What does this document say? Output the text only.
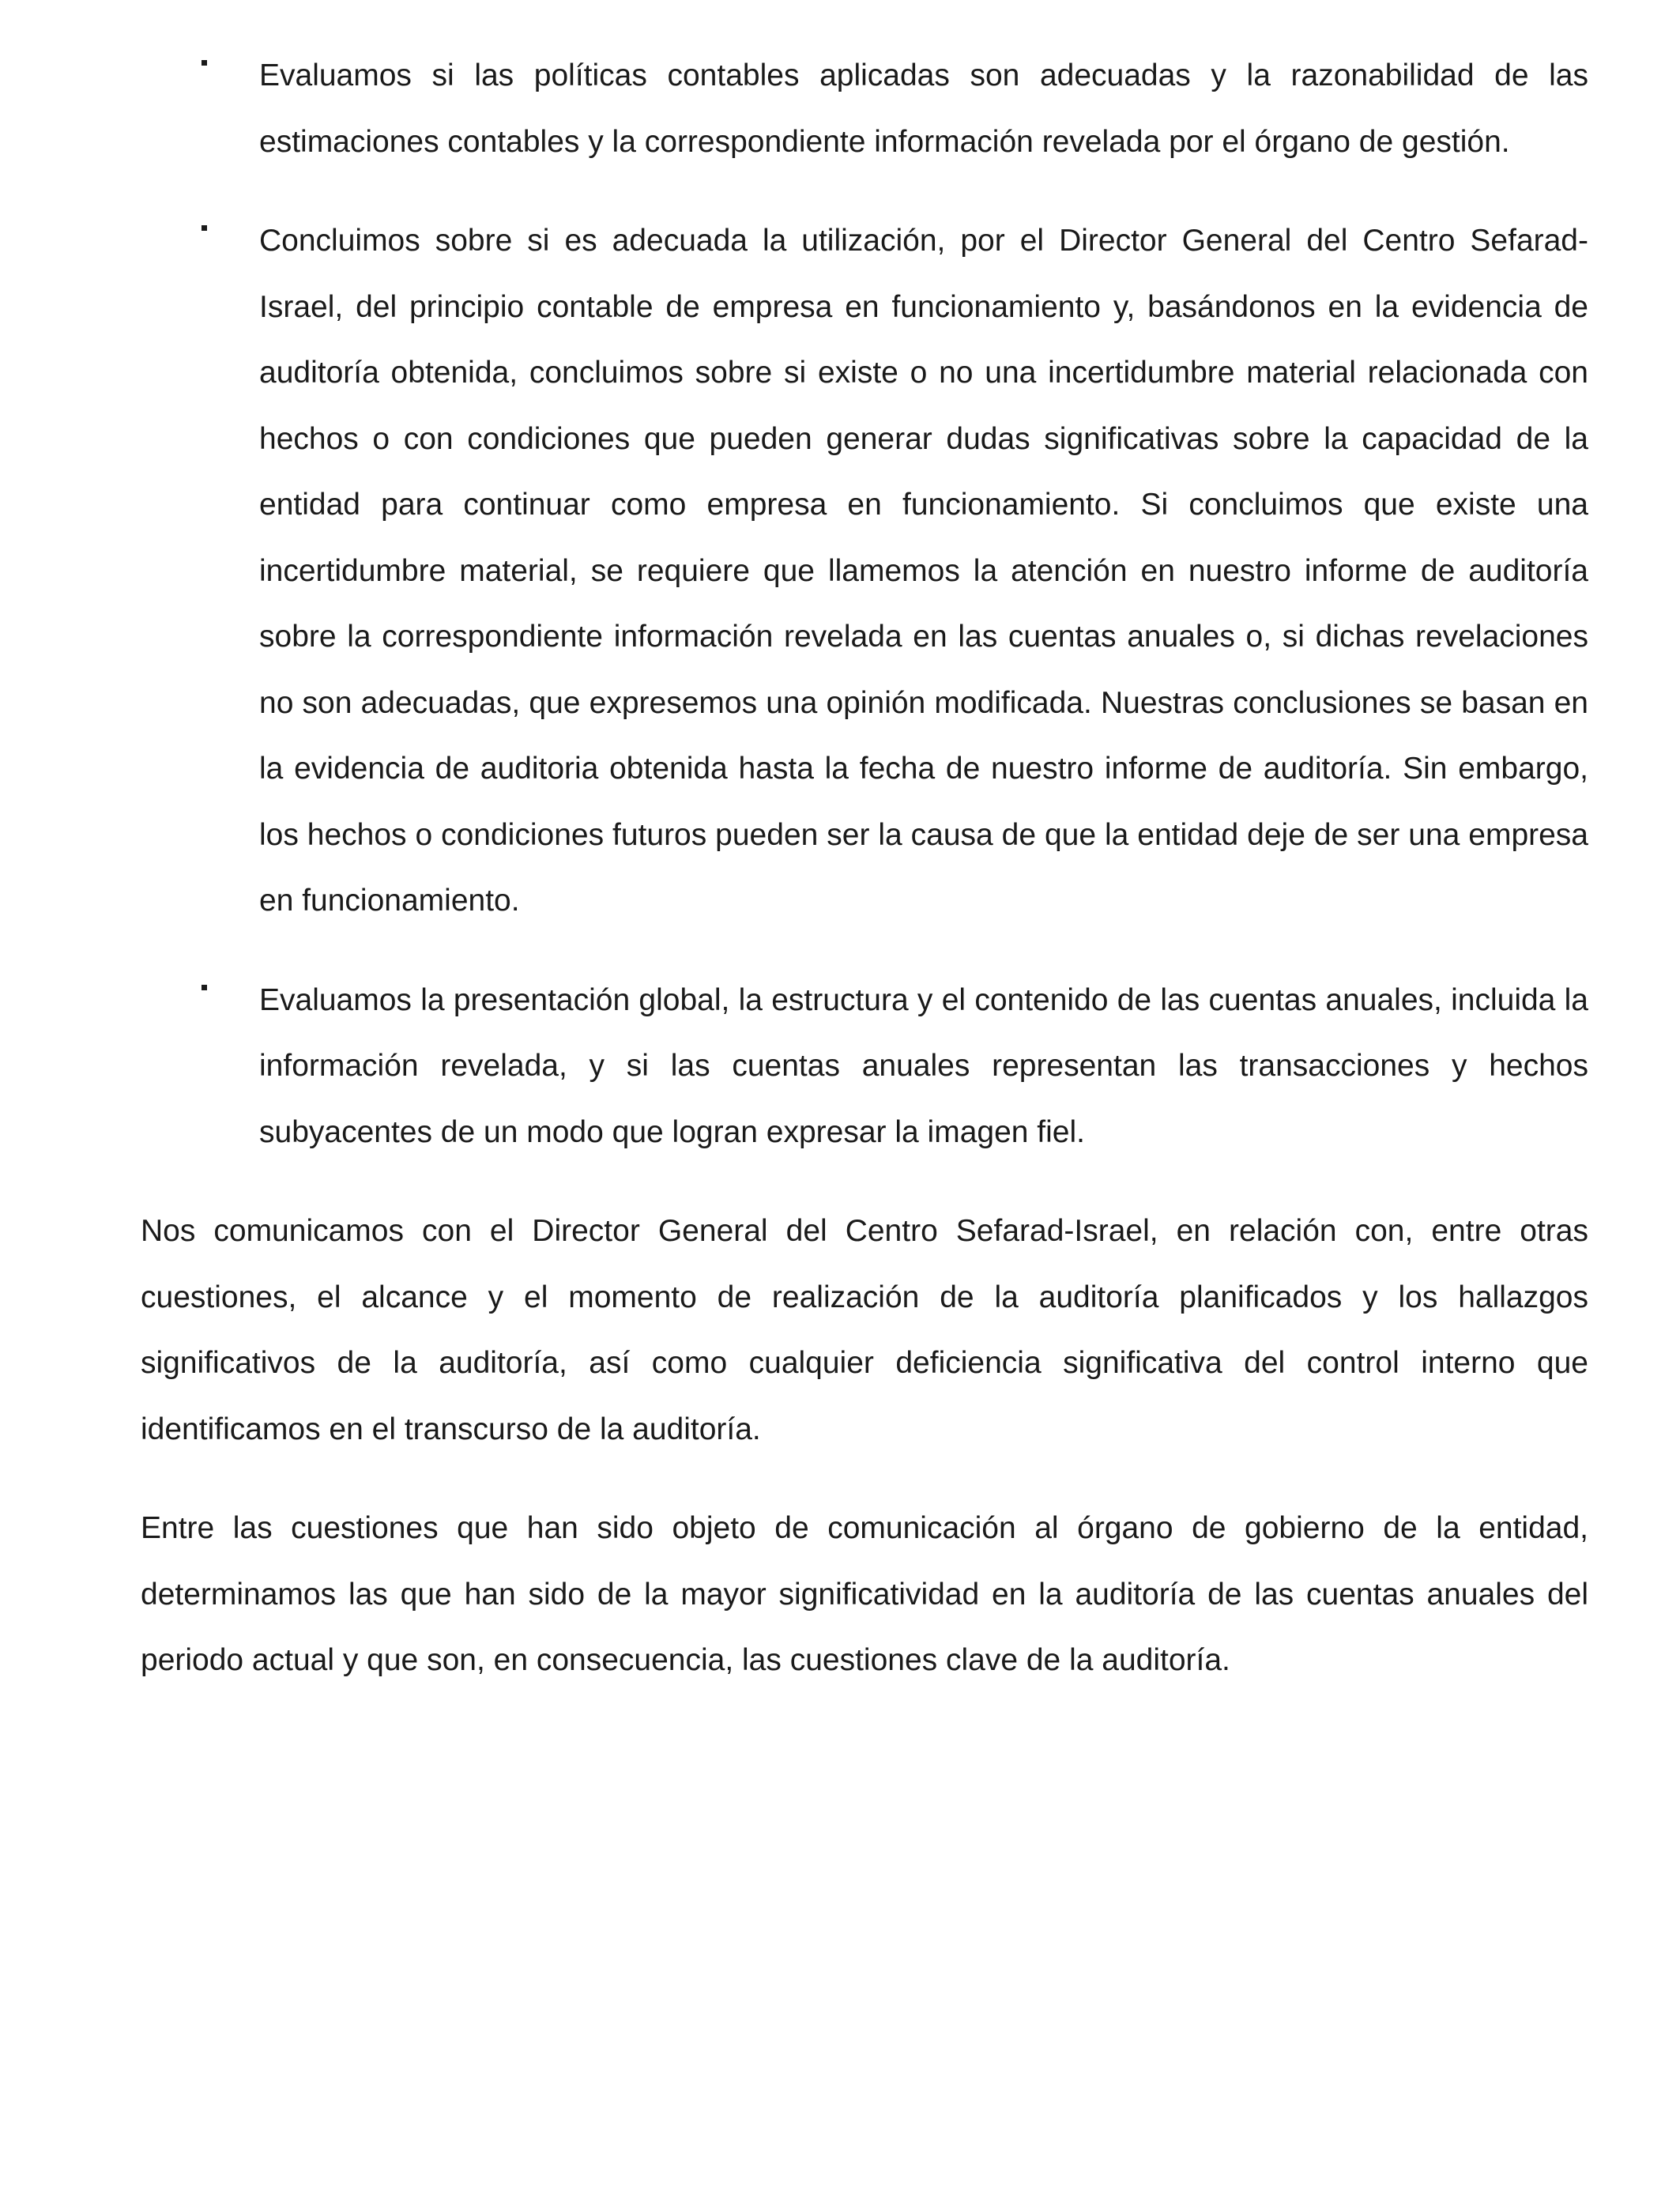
Evaluamos si las políticas contables aplicadas son adecuadas y la razonabilidad de las estimaciones contables y la correspondiente información revelada por el órgano de gestión.

Concluimos sobre si es adecuada la utilización, por el Director General del Centro Sefarad-Israel, del principio contable de empresa en funcionamiento y, basándonos en la evidencia de auditoría obtenida, concluimos sobre si existe o no una incertidumbre material relacionada con hechos o con condiciones que pueden generar dudas significativas sobre la capacidad de la entidad para continuar como empresa en funcionamiento. Si concluimos que existe una incertidumbre material, se requiere que llamemos la atención en nuestro informe de auditoría sobre la correspondiente información revelada en las cuentas anuales o, si dichas revelaciones no son adecuadas, que expresemos una opinión modificada. Nuestras conclusiones se basan en la evidencia de auditoria obtenida hasta la fecha de nuestro informe de auditoría. Sin embargo, los hechos o condiciones futuros pueden ser la causa de que la entidad deje de ser una empresa en funcionamiento.

Evaluamos la presentación global, la estructura y el contenido de las cuentas anuales, incluida la información revelada, y si las cuentas anuales representan las transacciones y hechos subyacentes de un modo que logran expresar la imagen fiel.

Nos comunicamos con el Director General del Centro Sefarad-Israel, en relación con, entre otras cuestiones, el alcance y el momento de realización de la auditoría planificados y los hallazgos significativos de la auditoría, así como cualquier deficiencia significativa del control interno que identificamos en el transcurso de la auditoría.

Entre las cuestiones que han sido objeto de comunicación al órgano de gobierno de la entidad, determinamos las que han sido de la mayor significatividad en la auditoría de las cuentas anuales del periodo actual y que son, en consecuencia, las cuestiones clave de la auditoría.
